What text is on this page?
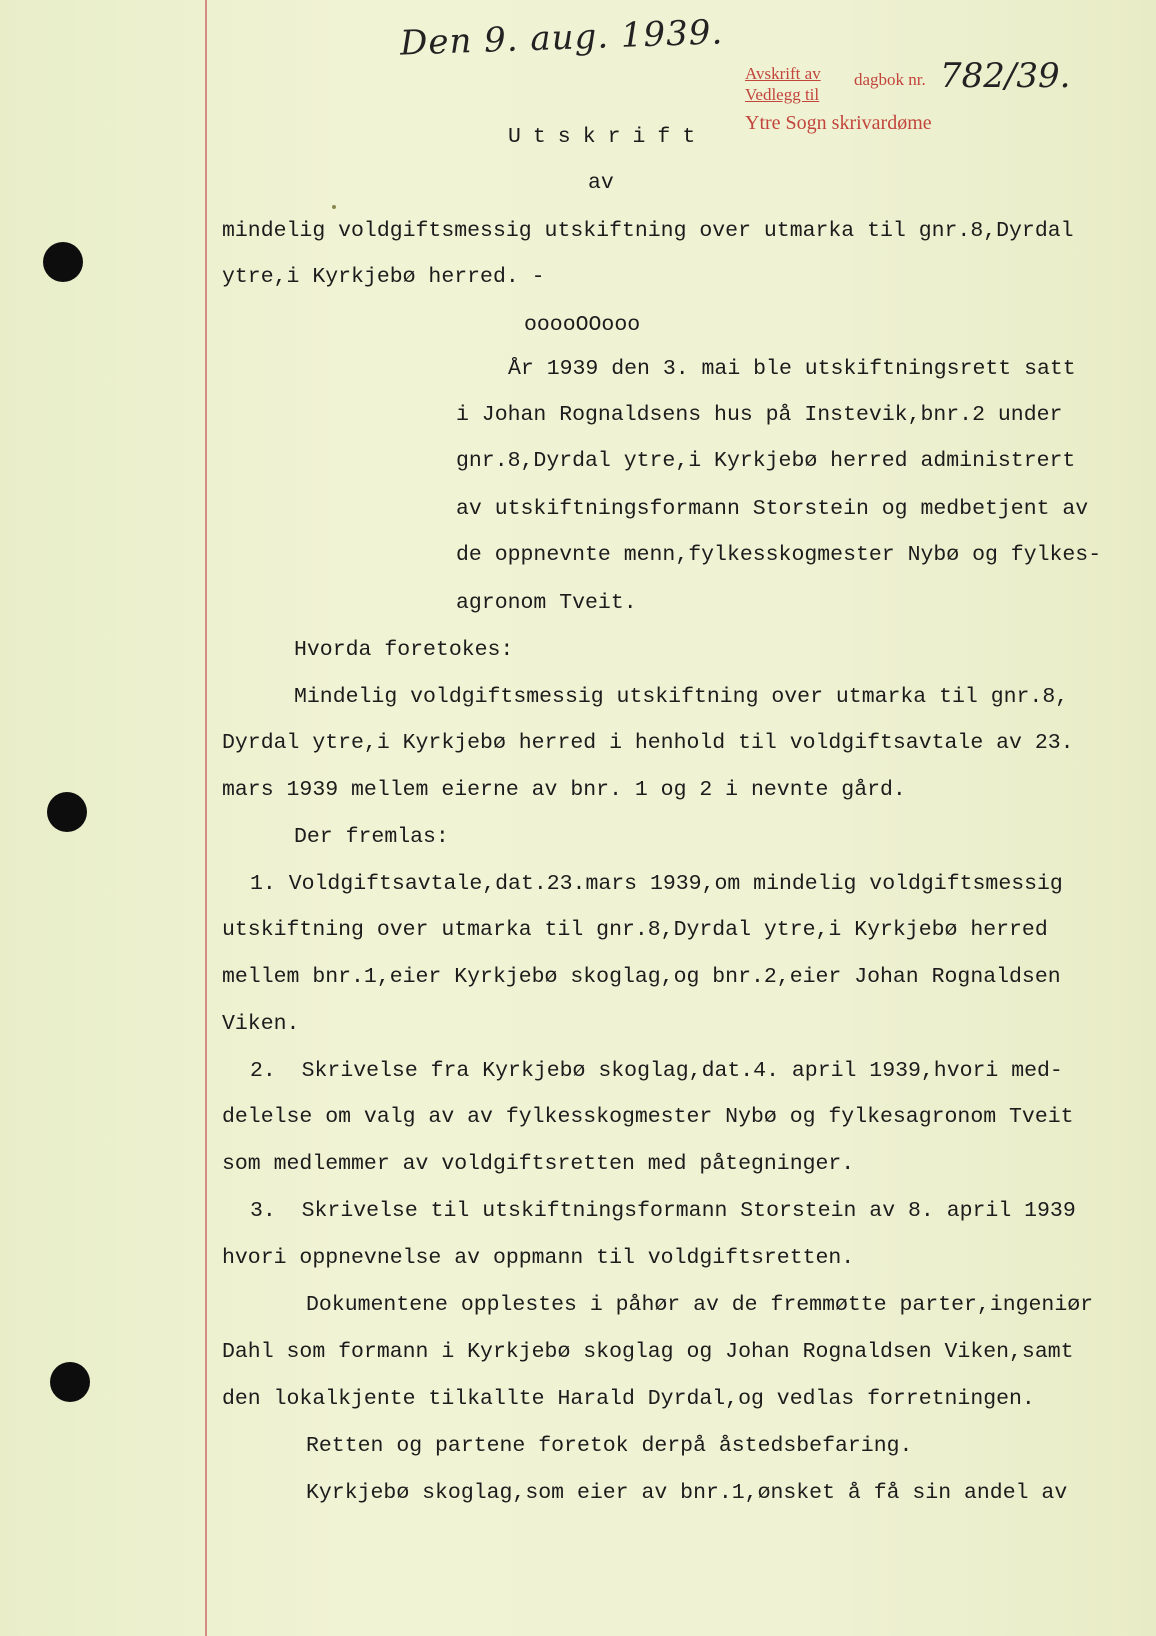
Den 9. aug. 1939.
Avskrift av dagbok nr.
Vedlegg til
Ytre Sogn skrivardøme
782/39.
Utskrift
av
mindelig voldgiftsmessig utskiftning over utmarka til gnr.8,Dyrdal
ytre,i Kyrkjebø herred. -
ooooOOooo
År 1939 den 3. mai ble utskiftningsrett satt
i Johan Rognaldsens hus på Instevik,bnr.2 under
gnr.8,Dyrdal ytre,i Kyrkjebø herred administrert
av utskiftningsformann Storstein og medbetjent av
de oppnevnte menn,fylkesskogmester Nybø og fylkes-
agronom Tveit.
Hvorda foretokes:
Mindelig voldgiftsmessig utskiftning over utmarka til gnr.8,
Dyrdal ytre,i Kyrkjebø herred i henhold til voldgiftsavtale av 23.
mars 1939 mellem eierne av bnr. 1 og 2 i nevnte gård.
Der fremlas:
1. Voldgiftsavtale,dat.23.mars 1939,om mindelig voldgiftsmessig
utskiftning over utmarka til gnr.8,Dyrdal ytre,i Kyrkjebø herred
mellem bnr.1,eier Kyrkjebø skoglag,og bnr.2,eier Johan Rognaldsen
Viken.
2.  Skrivelse fra Kyrkjebø skoglag,dat.4. april 1939,hvori med-
delelse om valg av av fylkesskogmester Nybø og fylkesagronom Tveit
som medlemmer av voldgiftsretten med påtegninger.
3.  Skrivelse til utskiftningsformann Storstein av 8. april 1939
hvori oppnevnelse av oppmann til voldgiftsretten.
Dokumentene opplestes i påhør av de fremmøtte parter,ingeniør
Dahl som formann i Kyrkjebø skoglag og Johan Rognaldsen Viken,samt
den lokalkjente tilkallte Harald Dyrdal,og vedlas forretningen.
Retten og partene foretok derpå åstedsbefaring.
Kyrkjebø skoglag,som eier av bnr.1,ønsket å få sin andel av
